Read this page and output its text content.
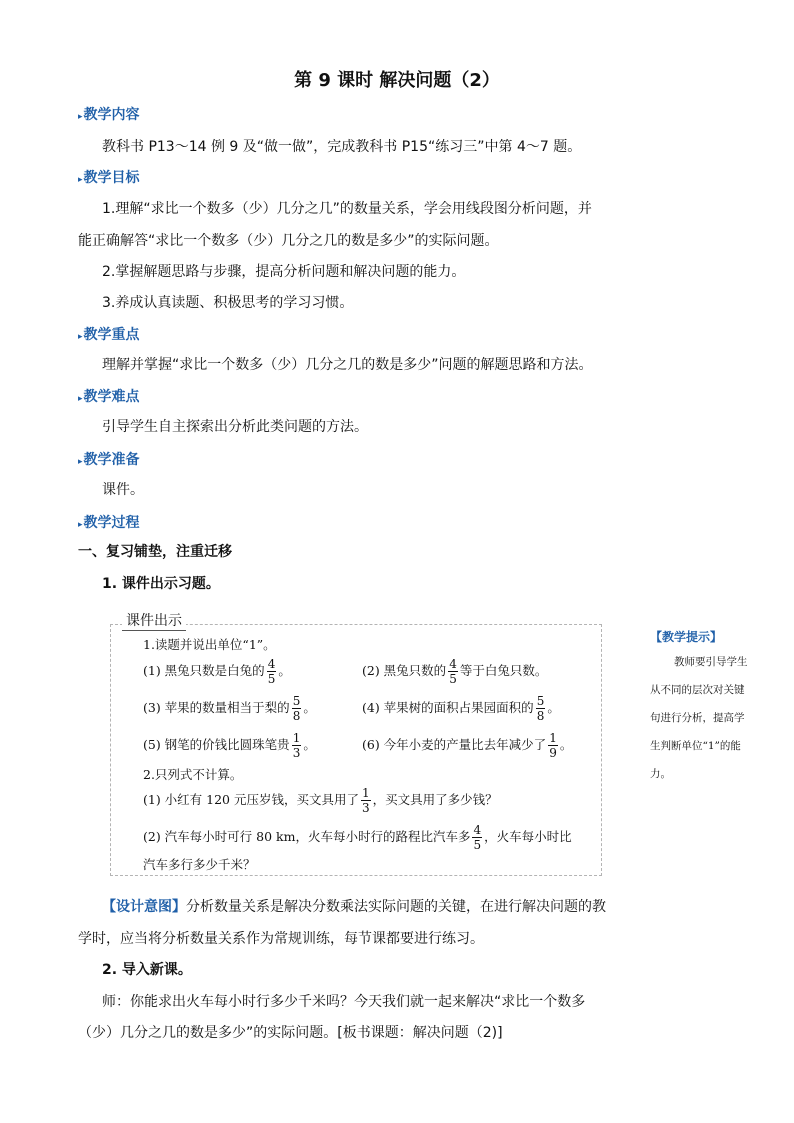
第 9 课时 解决问题（2）
▸教学内容
教科书 P13～14 例 9 及“做一做”，完成教科书 P15“练习三”中第 4～7 题。
▸教学目标
1.理解“求比一个数多（少）几分之几”的数量关系，学会用线段图分析问题，并
能正确解答“求比一个数多（少）几分之几的数是多少”的实际问题。
2.掌握解题思路与步骤，提高分析问题和解决问题的能力。
3.养成认真读题、积极思考的学习习惯。
▸教学重点
理解并掌握“求比一个数多（少）几分之几的数是多少”问题的解题思路和方法。
▸教学难点
引导学生自主探索出分析此类问题的方法。
▸教学准备
课件。
▸教学过程
一、复习铺垫，注重迁移
1. 课件出示习题。
课件出示
1.读题并说出单位“1”。
(1) 黑兔只数是白兔的 $\frac{4}{5}$ 。	(2) 黑兔只数的 $\frac{4}{5}$ 等于白兔只数。
(3) 苹果的数量相当于梨的 $\frac{5}{8}$ 。	(4) 苹果树的面积占果园面积的 $\frac{5}{8}$ 。
(5) 钢笔的价钱比圆珠笔贵 $\frac{1}{3}$ 。	(6) 今年小麦的产量比去年减少了 $\frac{1}{9}$ 。
2.只列式不计算。
(1) 小红有 120 元压岁钱，买文具用了 $\frac{1}{3}$ ，买文具用了多少钱？
(2) 汽车每小时可行 80 km，火车每小时行的路程比汽车多 $\frac{4}{5}$ ，火车每小时比
汽车多行多少千米？
【教学提示】
教师要引导学生
从不同的层次对关键
句进行分析，提高学
生判断单位“1”的能
力。
【设计意图】分析数量关系是解决分数乘法实际问题的关键，在进行解决问题的教
学时，应当将分析数量关系作为常规训练，每节课都要进行练习。
2. 导入新课。
师：你能求出火车每小时行多少千米吗？今天我们就一起来解决“求比一个数多
（少）几分之几的数是多少”的实际问题。[板书课题：解决问题（2)]
